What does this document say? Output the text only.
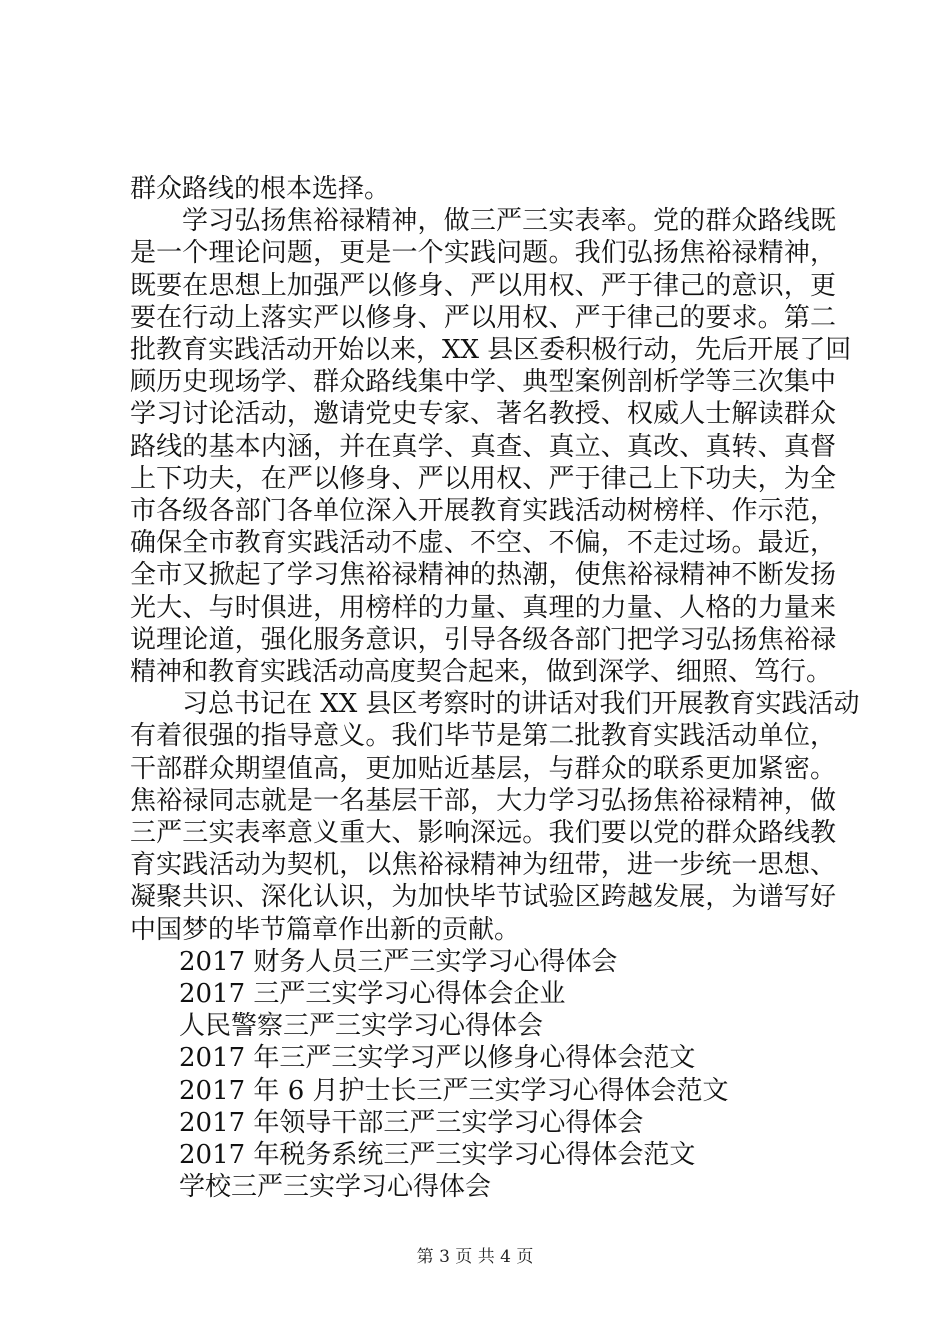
群众路线的根本选择。
学习弘扬焦裕禄精神，做三严三实表率。党的群众路线既
是一个理论问题，更是一个实践问题。我们弘扬焦裕禄精神，
既要在思想上加强严以修身、严以用权、严于律己的意识，更
要在行动上落实严以修身、严以用权、严于律己的要求。第二
批教育实践活动开始以来，XX 县区委积极行动，先后开展了回
顾历史现场学、群众路线集中学、典型案例剖析学等三次集中
学习讨论活动，邀请党史专家、著名教授、权威人士解读群众
路线的基本内涵，并在真学、真查、真立、真改、真转、真督
上下功夫，在严以修身、严以用权、严于律己上下功夫，为全
市各级各部门各单位深入开展教育实践活动树榜样、作示范，
确保全市教育实践活动不虚、不空、不偏，不走过场。最近，
全市又掀起了学习焦裕禄精神的热潮，使焦裕禄精神不断发扬
光大、与时俱进，用榜样的力量、真理的力量、人格的力量来
说理论道，强化服务意识，引导各级各部门把学习弘扬焦裕禄
精神和教育实践活动高度契合起来，做到深学、细照、笃行。
习总书记在 XX 县区考察时的讲话对我们开展教育实践活动
有着很强的指导意义。我们毕节是第二批教育实践活动单位，
干部群众期望值高，更加贴近基层，与群众的联系更加紧密。
焦裕禄同志就是一名基层干部，大力学习弘扬焦裕禄精神，做
三严三实表率意义重大、影响深远。我们要以党的群众路线教
育实践活动为契机，以焦裕禄精神为纽带，进一步统一思想、
凝聚共识、深化认识，为加快毕节试验区跨越发展，为谱写好
中国梦的毕节篇章作出新的贡献。
2017 财务人员三严三实学习心得体会
2017 三严三实学习心得体会企业
人民警察三严三实学习心得体会
2017 年三严三实学习严以修身心得体会范文
2017 年 6 月护士长三严三实学习心得体会范文
2017 年领导干部三严三实学习心得体会
2017 年税务系统三严三实学习心得体会范文
学校三严三实学习心得体会
第 3 页 共 4 页
